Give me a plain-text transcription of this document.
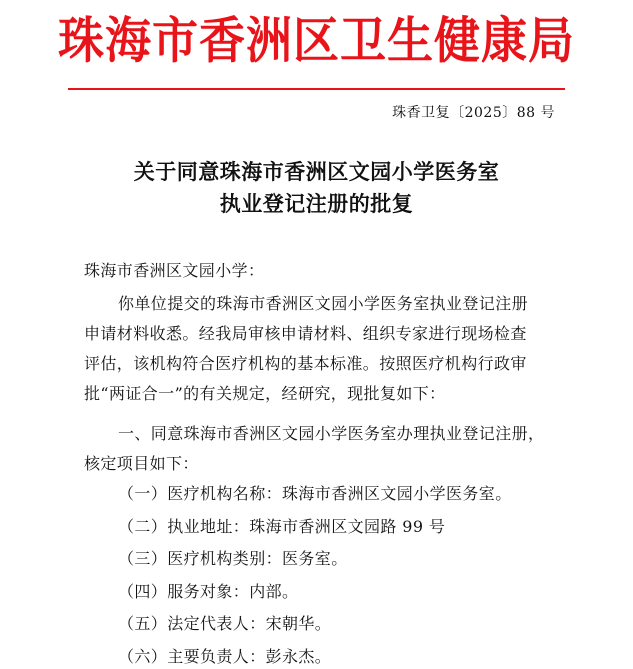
珠海市香洲区卫生健康局
珠香卫复〔2025〕88 号
关于同意珠海市香洲区文园小学医务室
执业登记注册的批复
珠海市香洲区文园小学：
你单位提交的珠海市香洲区文园小学医务室执业登记注册
申请材料收悉。经我局审核申请材料、组织专家进行现场检查
评估，该机构符合医疗机构的基本标准。按照医疗机构行政审
批“两证合一”的有关规定，经研究，现批复如下：
一、同意珠海市香洲区文园小学医务室办理执业登记注册，
核定项目如下：
（一）医疗机构名称：珠海市香洲区文园小学医务室。
（二）执业地址：珠海市香洲区文园路 99 号
（三）医疗机构类别：医务室。
（四）服务对象：内部。
（五）法定代表人：宋朝华。
（六）主要负责人：彭永杰。
